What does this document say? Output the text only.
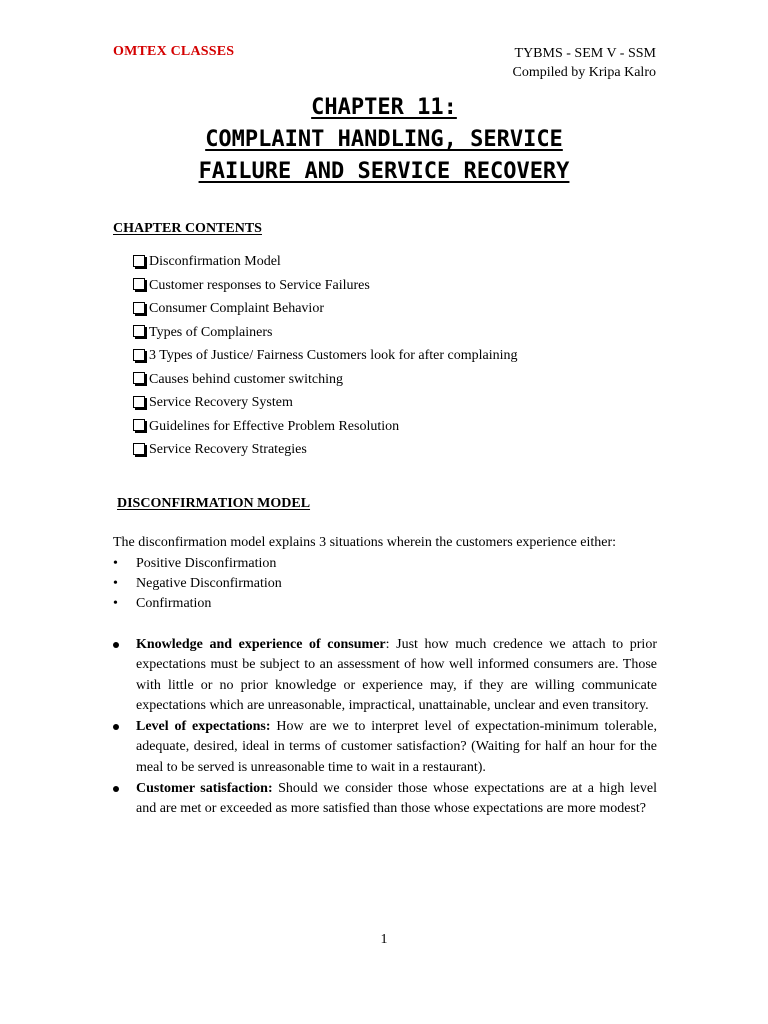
OMTEX CLASSES	TYBMS - SEM V - SSM
Compiled by Kripa Kalro
CHAPTER 11:
COMPLAINT HANDLING, SERVICE
FAILURE AND SERVICE RECOVERY
CHAPTER CONTENTS
Disconfirmation Model
Customer responses to Service Failures
Consumer Complaint Behavior
Types of Complainers
3 Types of Justice/ Fairness Customers look for after complaining
Causes behind customer switching
Service Recovery System
Guidelines for Effective Problem Resolution
Service Recovery Strategies
DISCONFIRMATION MODEL
The disconfirmation model explains 3 situations wherein the customers experience either:
• Positive Disconfirmation
• Negative Disconfirmation
• Confirmation
Knowledge and experience of consumer: Just how much credence we attach to prior expectations must be subject to an assessment of how well informed consumers are. Those with little or no prior knowledge or experience may, if they are willing communicate expectations which are unreasonable, impractical, unattainable, unclear and even transitory.
Level of expectations: How are we to interpret level of expectation-minimum tolerable, adequate, desired, ideal in terms of customer satisfaction? (Waiting for half an hour for the meal to be served is unreasonable time to wait in a restaurant).
Customer satisfaction: Should we consider those whose expectations are at a high level and are met or exceeded as more satisfied than those whose expectations are more modest?
1
